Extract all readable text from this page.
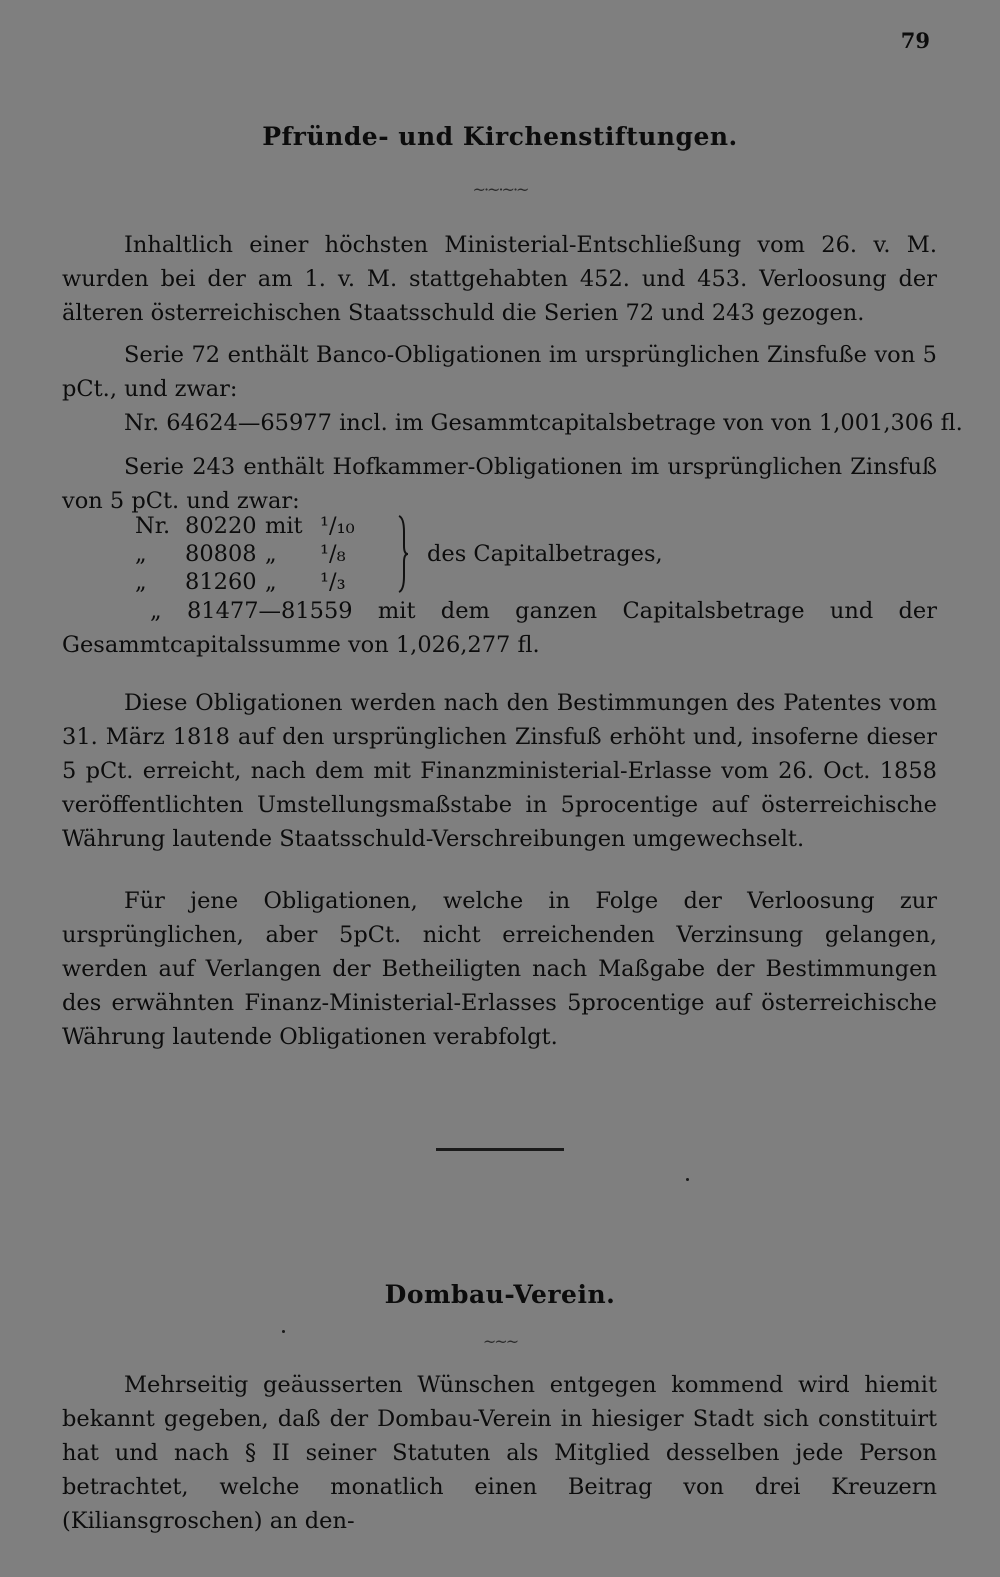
79
Pfründe- und Kirchenstiftungen.
~·~·~·~

Inhaltlich einer höchsten Ministerial-Entschließung vom 26. v. M. wurden bei der am 1. v. M. stattgehabten 452. und 453. Verloosung der älteren österreichischen Staatsschuld die Serien 72 und 243 gezogen.

Serie 72 enthält Banco-Obligationen im ursprünglichen Zinsfuße von 5 pCt., und zwar:

Nr. 64624—65977 incl. im Gesammtcapitalsbetrage von von 1,001,306 fl.

Serie 243 enthält Hofkammer-Obligationen im ursprünglichen Zinsfuß von 5 pCt. und zwar:

Nr. 80220 mit ¹/₁₀
„ 80808 „ ¹/₈
„ 81260 „ ¹/₃
des Capitalbetrages,

„ 81477—81559 mit dem ganzen Capitalsbetrage und der Gesammtcapitalssumme von 1,026,277 fl.

Diese Obligationen werden nach den Bestimmungen des Patentes vom 31. März 1818 auf den ursprünglichen Zinsfuß erhöht und, insoferne dieser 5 pCt. erreicht, nach dem mit Finanzministerial-Erlasse vom 26. Oct. 1858 veröffentlichten Umstellungsmaßstabe in 5procentige auf österreichische Währung lautende Staatsschuld-Verschreibungen umgewechselt.

Für jene Obligationen, welche in Folge der Verloosung zur ursprünglichen, aber 5pCt. nicht erreichenden Verzinsung gelangen, werden auf Verlangen der Betheiligten nach Maßgabe der Bestimmungen des erwähnten Finanz-Ministerial-Erlasses 5procentige auf österreichische Währung lautende Obligationen verabfolgt.

Dombau-Verein.
~~~

Mehrseitig geäusserten Wünschen entgegen kommend wird hiemit bekannt gegeben, daß der Dombau-Verein in hiesiger Stadt sich constituirt hat und nach § II seiner Statuten als Mitglied desselben jede Person betrachtet, welche monatlich einen Beitrag von drei Kreuzern (Kiliansgroschen) an den-
